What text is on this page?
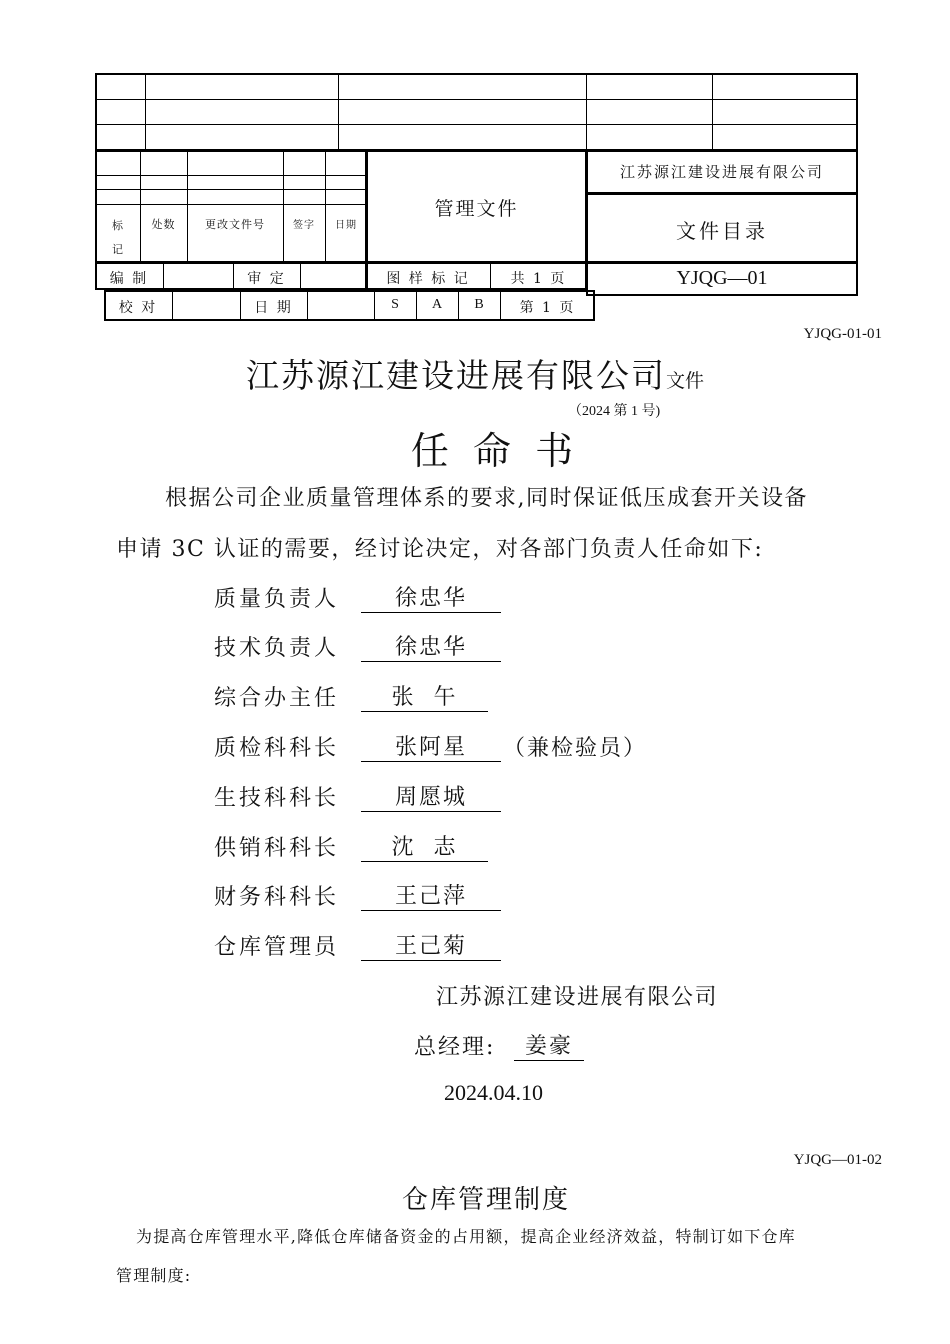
标记
处数	更改文件号	签字	日期
管理文件
江苏源江建设进展有限公司
文件目录
编 制	审 定	图 样 标 记	共 1 页	YJQG—01
校 对	日 期	S	A	B	第 1 页
YJQG-01-01
江苏源江建设进展有限公司文件
（2024 第 1 号)
任 命 书
根据公司企业质量管理体系的要求,同时保证低压成套开关设备
申请 3C 认证的需要，经讨论决定，对各部门负责人任命如下:
质量负责人	徐忠华
技术负责人	徐忠华
综合办主任	张  午
质检科科长	张阿星	（兼检验员）
生技科科长	周愿城
供销科科长	沈  志
财务科科长	王己萍
仓库管理员	王己菊
江苏源江建设进展有限公司
总经理:	姜豪
2024.04.10
YJQG—01-02
仓库管理制度
为提高仓库管理水平,降低仓库储备资金的占用额，提高企业经济效益，特制订如下仓库
管理制度:
